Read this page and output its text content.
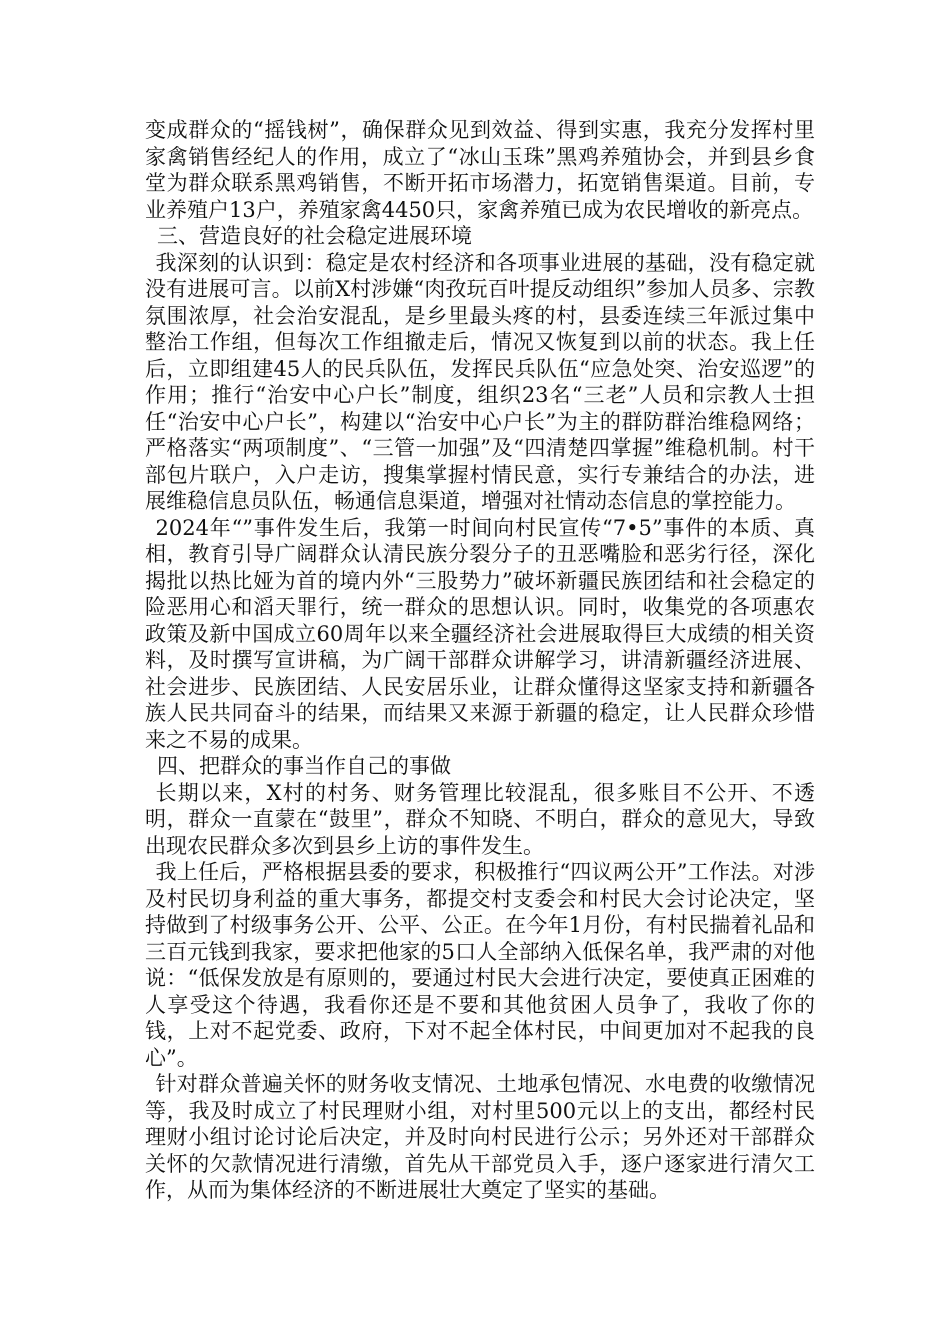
变成群众的“摇钱树”，确保群众见到效益、得到实惠，我充分发挥村里家禽销售经纪人的作用，成立了“冰山玉珠”黑鸡养殖协会，并到县乡食堂为群众联系黑鸡销售，不断开拓市场潜力，拓宽销售渠道。目前，专业养殖户13户，养殖家禽4450只，家禽养殖已成为农民增收的新亮点。

三、营造良好的社会稳定进展环境

我深刻的认识到：稳定是农村经济和各项事业进展的基础，没有稳定就没有进展可言。以前X村涉嫌“肉孜玩百叶提反动组织”参加人员多、宗教氛围浓厚，社会治安混乱，是乡里最头疼的村，县委连续三年派过集中整治工作组，但每次工作组撤走后，情况又恢复到以前的状态。我上任后，立即组建45人的民兵队伍，发挥民兵队伍“应急处突、治安巡逻”的作用；推行“治安中心户长”制度，组织23名“三老”人员和宗教人士担任“治安中心户长”，构建以“治安中心户长”为主的群防群治维稳网络；严格落实“两项制度”、“三管一加强”及“四清楚四掌握”维稳机制。村干部包片联户，入户走访，搜集掌握村情民意，实行专兼结合的办法，进展维稳信息员队伍，畅通信息渠道，增强对社情动态信息的掌控能力。

2024年“”事件发生后，我第一时间向村民宣传“7•5”事件的本质、真相，教育引导广阔群众认清民族分裂分子的丑恶嘴脸和恶劣行径，深化揭批以热比娅为首的境内外“三股势力”破坏新疆民族团结和社会稳定的险恶用心和滔天罪行，统一群众的思想认识。同时，收集党的各项惠农政策及新中国成立60周年以来全疆经济社会进展取得巨大成绩的相关资料，及时撰写宣讲稿，为广阔干部群众讲解学习，讲清新疆经济进展、社会进步、民族团结、人民安居乐业，让群众懂得这坚家支持和新疆各族人民共同奋斗的结果，而结果又来源于新疆的稳定，让人民群众珍惜来之不易的成果。

四、把群众的事当作自己的事做

长期以来，X村的村务、财务管理比较混乱，很多账目不公开、不透明，群众一直蒙在“鼓里”，群众不知晓、不明白，群众的意见大，导致出现农民群众多次到县乡上访的事件发生。

我上任后，严格根据县委的要求，积极推行“四议两公开”工作法。对涉及村民切身利益的重大事务，都提交村支委会和村民大会讨论决定，坚持做到了村级事务公开、公平、公正。在今年1月份，有村民揣着礼品和三百元钱到我家，要求把他家的5口人全部纳入低保名单，我严肃的对他说：“低保发放是有原则的，要通过村民大会进行决定，要使真正困难的人享受这个待遇，我看你还是不要和其他贫困人员争了，我收了你的钱，上对不起党委、政府，下对不起全体村民，中间更加对不起我的良心”。

针对群众普遍关怀的财务收支情况、土地承包情况、水电费的收缴情况等，我及时成立了村民理财小组，对村里500元以上的支出，都经村民理财小组讨论讨论后决定，并及时向村民进行公示；另外还对干部群众关怀的欠款情况进行清缴，首先从干部党员入手，逐户逐家进行清欠工作，从而为集体经济的不断进展壮大奠定了坚实的基础。
